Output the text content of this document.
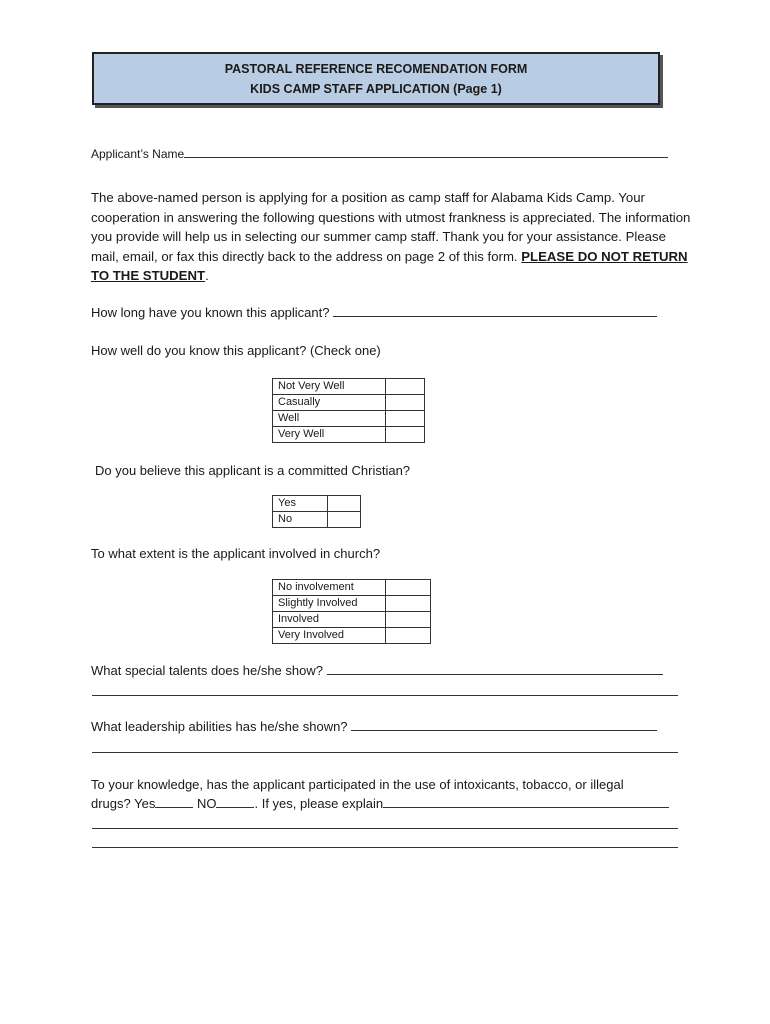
PASTORAL REFERENCE RECOMENDATION FORM
KIDS CAMP STAFF APPLICATION (Page 1)
Applicant’s Name
The above-named person is applying for a position as camp staff for Alabama Kids Camp. Your cooperation in answering the following questions with utmost frankness is appreciated. The information you provide will help us in selecting our summer camp staff. Thank you for your assistance. Please mail, email, or fax this directly back to the address on page 2 of this form. PLEASE DO NOT RETURN TO THE STUDENT.
How long have you known this applicant?
How well do you know this applicant? (Check one)
Not Very Well	
Casually	
Well	
Very Well	
Do you believe this applicant is a committed Christian?
Yes	
No	
To what extent is the applicant involved in church?
No involvement	
Slightly Involved	
Involved	
Very Involved	
What special talents does he/she show?
What leadership abilities has he/she shown?
To your knowledge, has the applicant participated in the use of intoxicants, tobacco, or illegal
drugs? Yes	NO	. If yes, please explain
